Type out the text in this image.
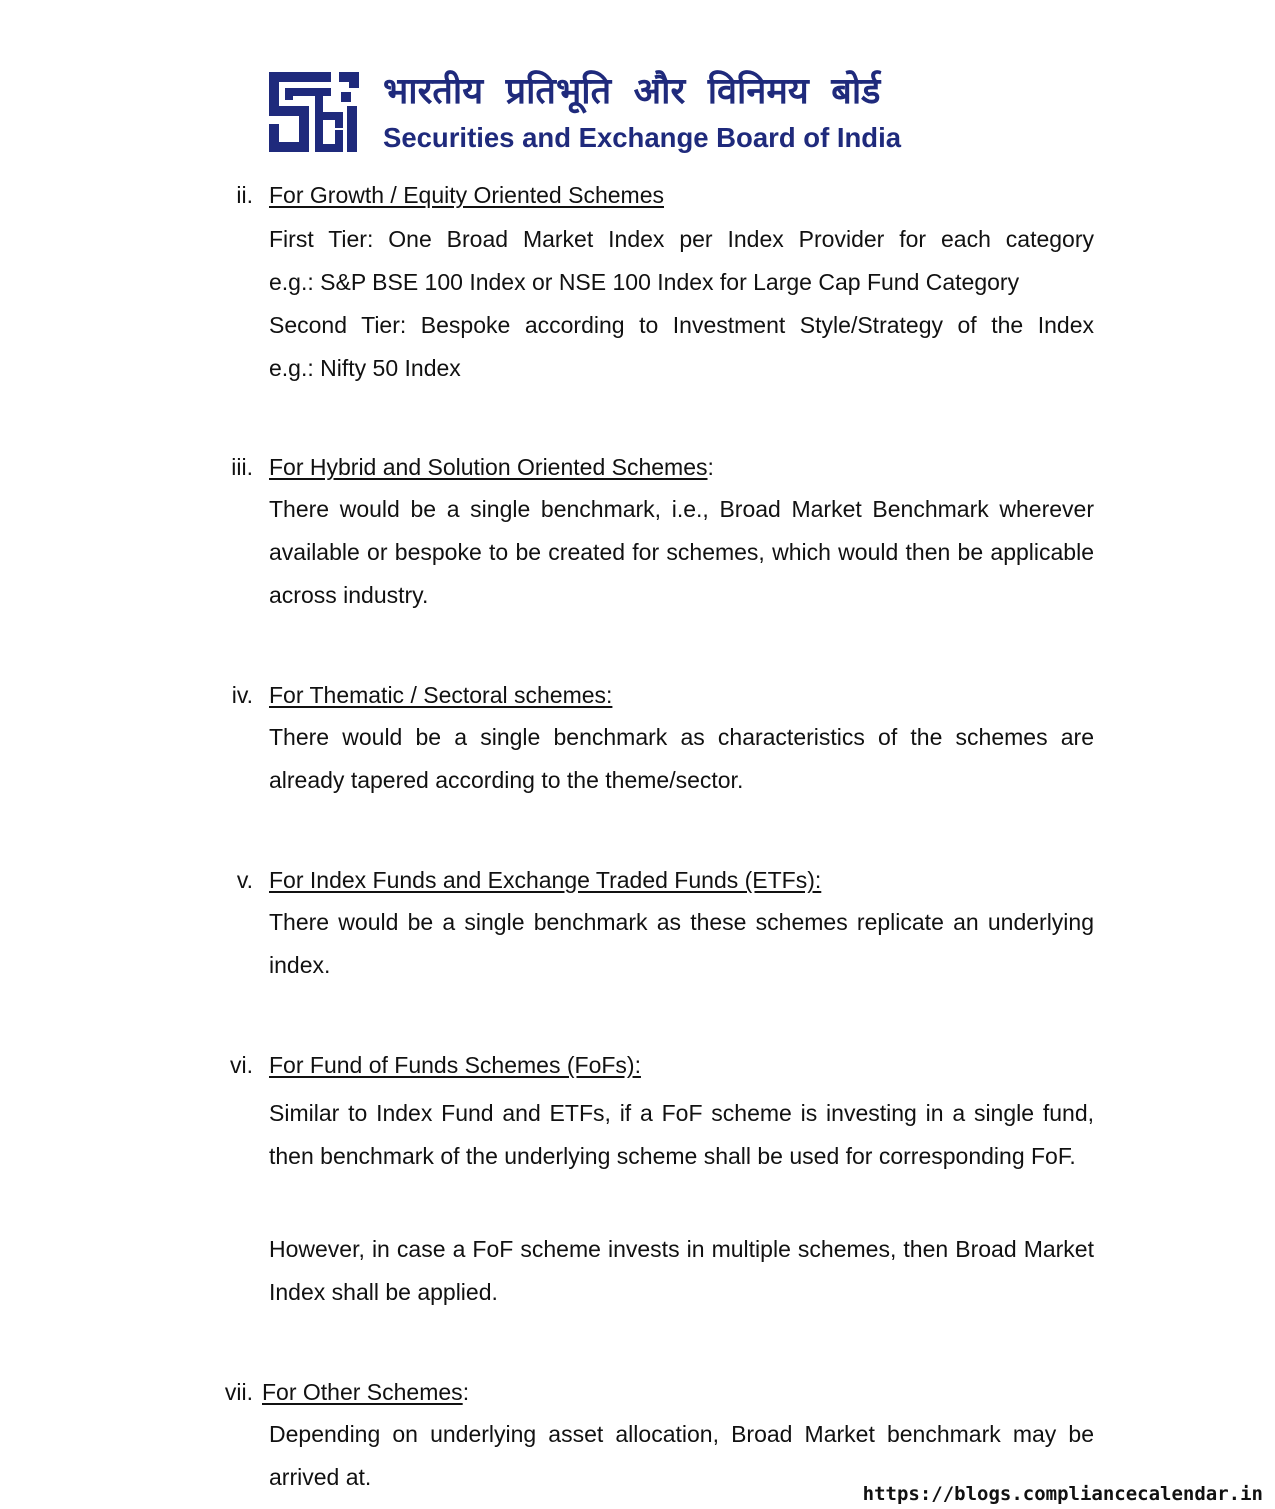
भारतीय प्रतिभूति और विनिमय बोर्ड
Securities and Exchange Board of India
ii. For Growth / Equity Oriented Schemes
First Tier: One Broad Market Index per Index Provider for each category
e.g.: S&P BSE 100 Index or NSE 100 Index for Large Cap Fund Category
Second Tier: Bespoke according to Investment Style/Strategy of the Index
e.g.: Nifty 50 Index
iii. For Hybrid and Solution Oriented Schemes:
There would be a single benchmark, i.e., Broad Market Benchmark wherever available or bespoke to be created for schemes, which would then be applicable across industry.
iv. For Thematic / Sectoral schemes:
There would be a single benchmark as characteristics of the schemes are already tapered according to the theme/sector.
v. For Index Funds and Exchange Traded Funds (ETFs):
There would be a single benchmark as these schemes replicate an underlying index.
vi. For Fund of Funds Schemes (FoFs):
Similar to Index Fund and ETFs, if a FoF scheme is investing in a single fund, then benchmark of the underlying scheme shall be used for corresponding FoF.
However, in case a FoF scheme invests in multiple schemes, then Broad Market Index shall be applied.
vii. For Other Schemes:
Depending on underlying asset allocation, Broad Market benchmark may be arrived at.
https://blogs.compliancecalendar.in
